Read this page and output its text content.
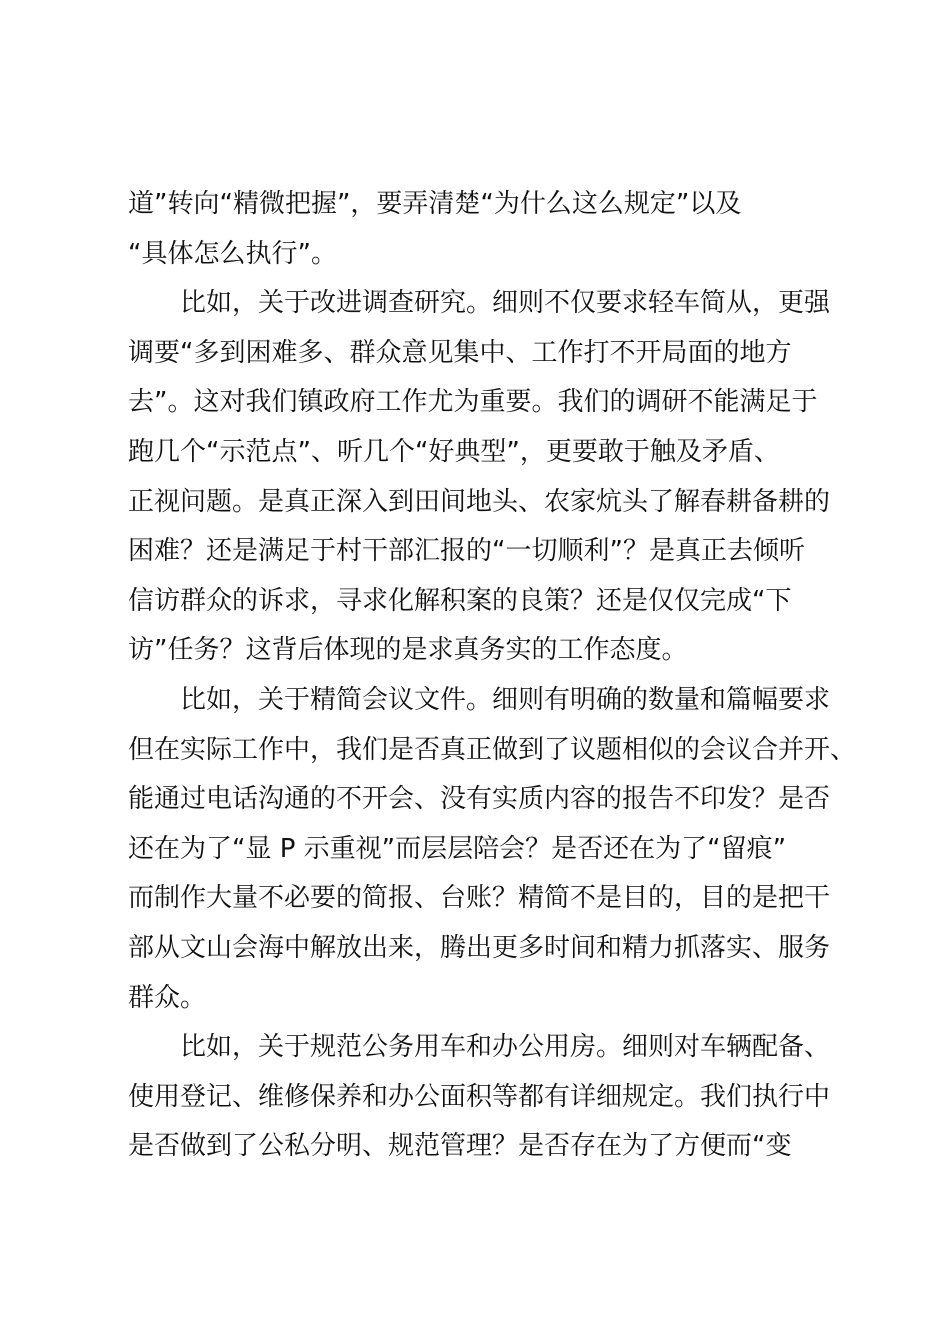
道”转向“精微把握”，要弄清楚“为什么这么规定”以及
“具体怎么执行”。
　　比如，关于改进调查研究。细则不仅要求轻车简从，更强
调要“多到困难多、群众意见集中、工作打不开局面的地方
去”。这对我们镇政府工作尤为重要。我们的调研不能满足于
跑几个“示范点”、听几个“好典型”，更要敢于触及矛盾、
正视问题。是真正深入到田间地头、农家炕头了解春耕备耕的
困难？还是满足于村干部汇报的“一切顺利”？是真正去倾听
信访群众的诉求，寻求化解积案的良策？还是仅仅完成“下
访”任务？这背后体现的是求真务实的工作态度。
　　比如，关于精简会议文件。细则有明确的数量和篇幅要求
但在实际工作中，我们是否真正做到了议题相似的会议合并开、
能通过电话沟通的不开会、没有实质内容的报告不印发？是否
还在为了“显 P 示重视”而层层陪会？是否还在为了“留痕”
而制作大量不必要的简报、台账？精简不是目的，目的是把干
部从文山会海中解放出来，腾出更多时间和精力抓落实、服务
群众。
　　比如，关于规范公务用车和办公用房。细则对车辆配备、
使用登记、维修保养和办公面积等都有详细规定。我们执行中
是否做到了公私分明、规范管理？是否存在为了方便而“变
